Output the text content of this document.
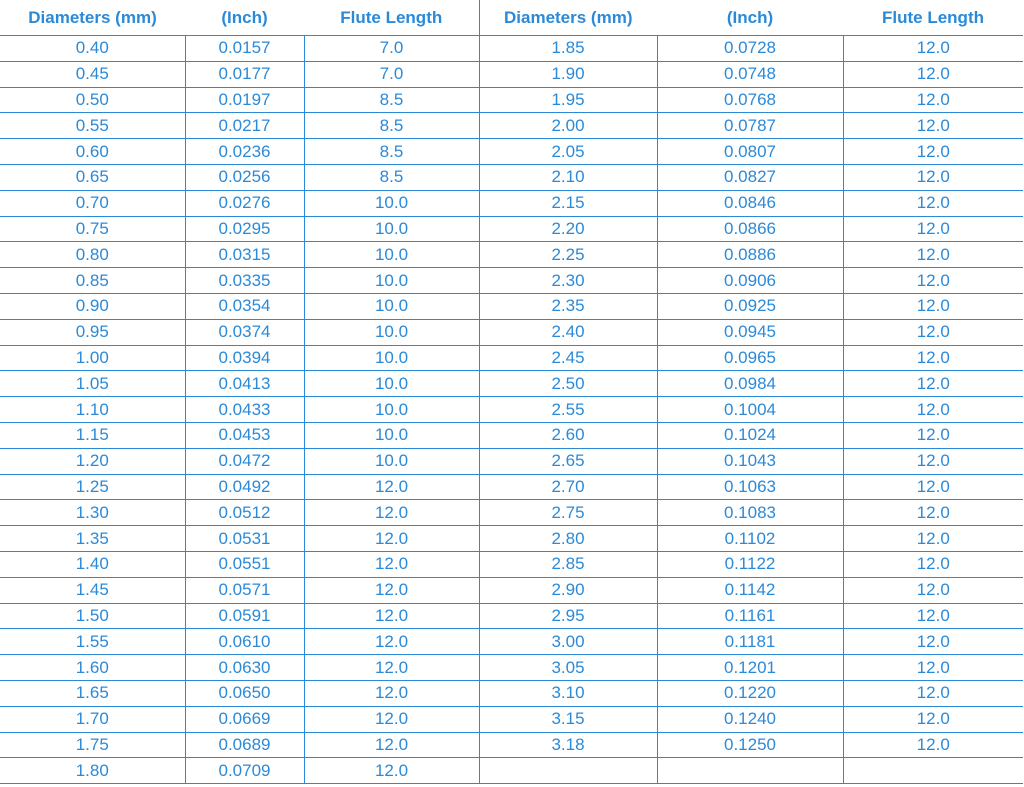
Diameters (mm)	(Inch)	Flute Length	Diameters (mm)	(Inch)	Flute Length
0.40	0.0157	7.0	1.85	0.0728	12.0
0.45	0.0177	7.0	1.90	0.0748	12.0
0.50	0.0197	8.5	1.95	0.0768	12.0
0.55	0.0217	8.5	2.00	0.0787	12.0
0.60	0.0236	8.5	2.05	0.0807	12.0
0.65	0.0256	8.5	2.10	0.0827	12.0
0.70	0.0276	10.0	2.15	0.0846	12.0
0.75	0.0295	10.0	2.20	0.0866	12.0
0.80	0.0315	10.0	2.25	0.0886	12.0
0.85	0.0335	10.0	2.30	0.0906	12.0
0.90	0.0354	10.0	2.35	0.0925	12.0
0.95	0.0374	10.0	2.40	0.0945	12.0
1.00	0.0394	10.0	2.45	0.0965	12.0
1.05	0.0413	10.0	2.50	0.0984	12.0
1.10	0.0433	10.0	2.55	0.1004	12.0
1.15	0.0453	10.0	2.60	0.1024	12.0
1.20	0.0472	10.0	2.65	0.1043	12.0
1.25	0.0492	12.0	2.70	0.1063	12.0
1.30	0.0512	12.0	2.75	0.1083	12.0
1.35	0.0531	12.0	2.80	0.1102	12.0
1.40	0.0551	12.0	2.85	0.1122	12.0
1.45	0.0571	12.0	2.90	0.1142	12.0
1.50	0.0591	12.0	2.95	0.1161	12.0
1.55	0.0610	12.0	3.00	0.1181	12.0
1.60	0.0630	12.0	3.05	0.1201	12.0
1.65	0.0650	12.0	3.10	0.1220	12.0
1.70	0.0669	12.0	3.15	0.1240	12.0
1.75	0.0689	12.0	3.18	0.1250	12.0
1.80	0.0709	12.0			
